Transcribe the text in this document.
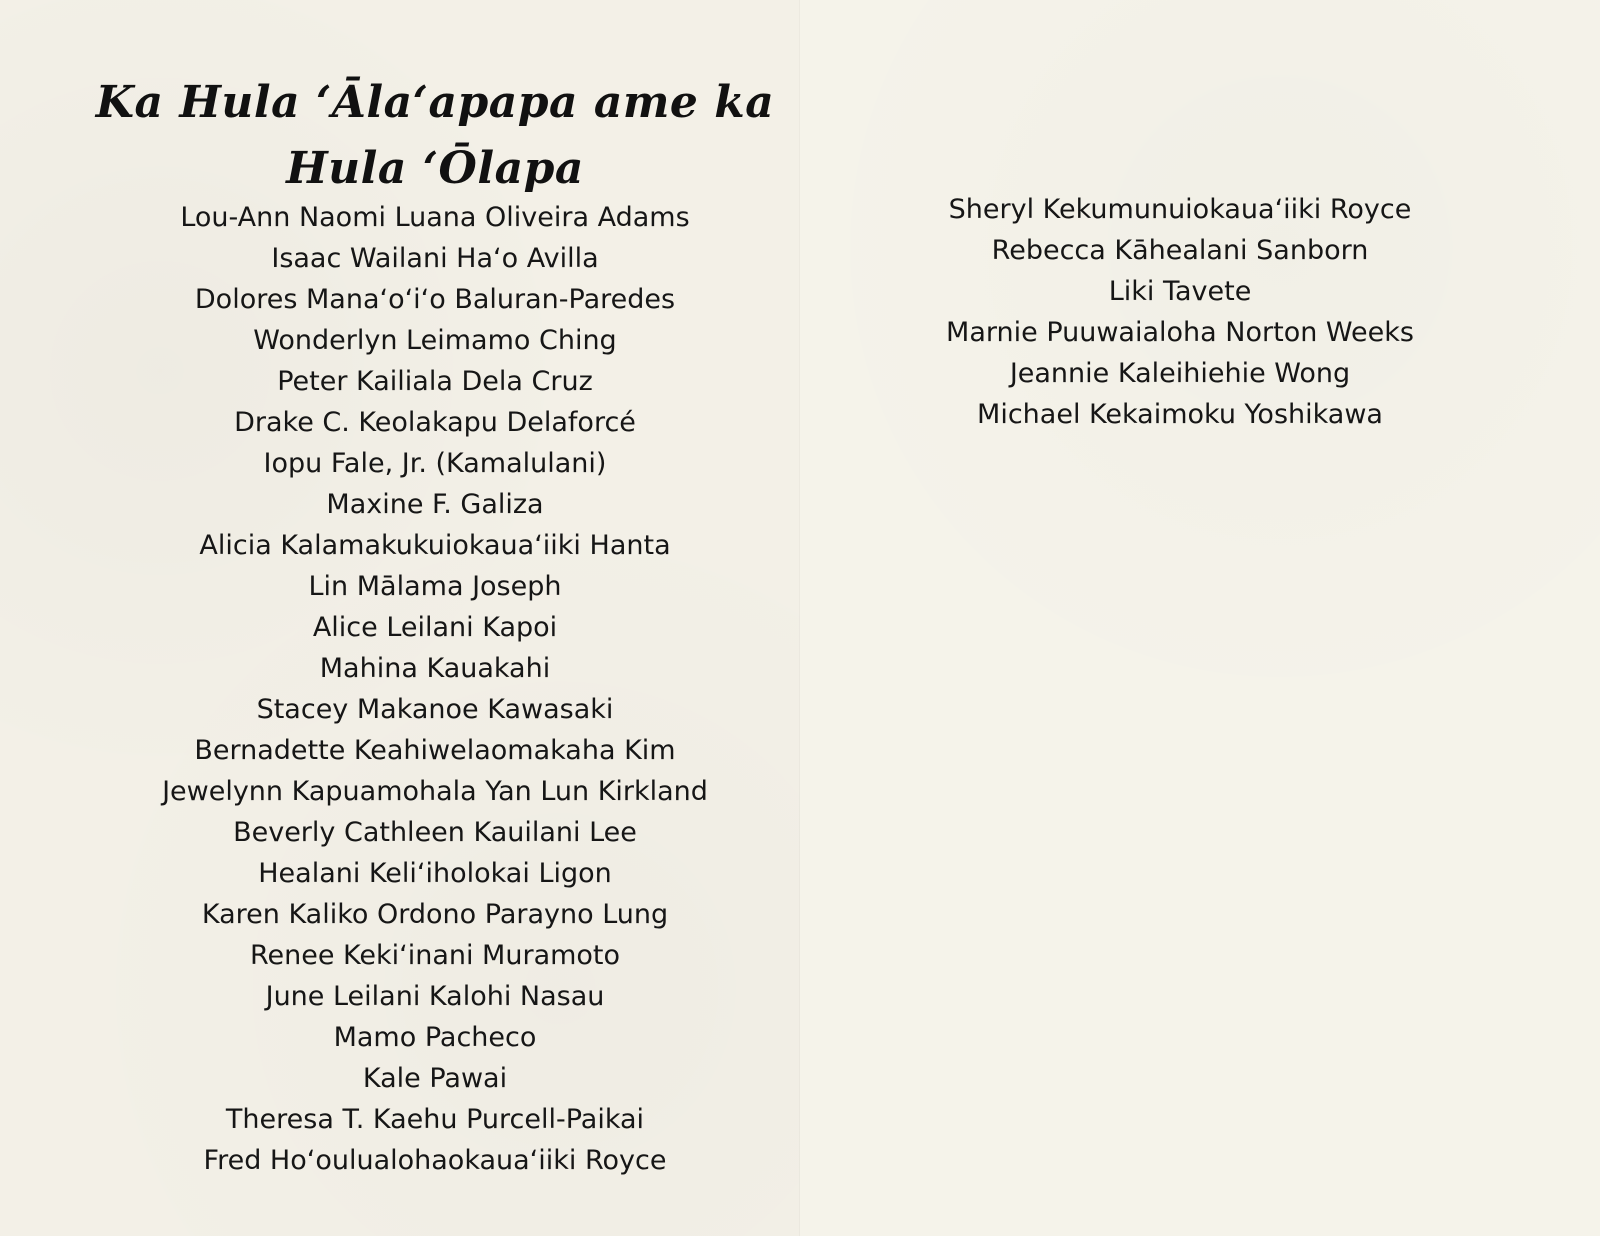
Ka Hula ʻĀlaʻapapa ame ka Hula ʻŌlapa
Lou-Ann Naomi Luana Oliveira Adams
Isaac Wailani Haʻo Avilla
Dolores Manaʻoʻiʻo Baluran-Paredes
Wonderlyn Leimamo Ching
Peter Kailiala Dela Cruz
Drake C. Keolakapu Delaforcé
Iopu Fale, Jr. (Kamalulani)
Maxine F. Galiza
Alicia Kalamakukuiokauaʻiiki Hanta
Lin Mālama Joseph
Alice Leilani Kapoi
Mahina Kauakahi
Stacey Makanoe Kawasaki
Bernadette Keahiwelaomakaha Kim
Jewelynn Kapuamohala Yan Lun Kirkland
Beverly Cathleen Kauilani Lee
Healani Keliʻiholokai Ligon
Karen Kaliko Ordono Parayno Lung
Renee Kekiʻinani Muramoto
June Leilani Kalohi Nasau
Mamo Pacheco
Kale Pawai
Theresa T. Kaehu Purcell-Paikai
Fred Hoʻoulualohaokauaʻiiki Royce
Sheryl Kekumunuiokauaʻiiki Royce
Rebecca Kāhealani Sanborn
Liki Tavete
Marnie Puuwaialoha Norton Weeks
Jeannie Kaleihiehie Wong
Michael Kekaimoku Yoshikawa
